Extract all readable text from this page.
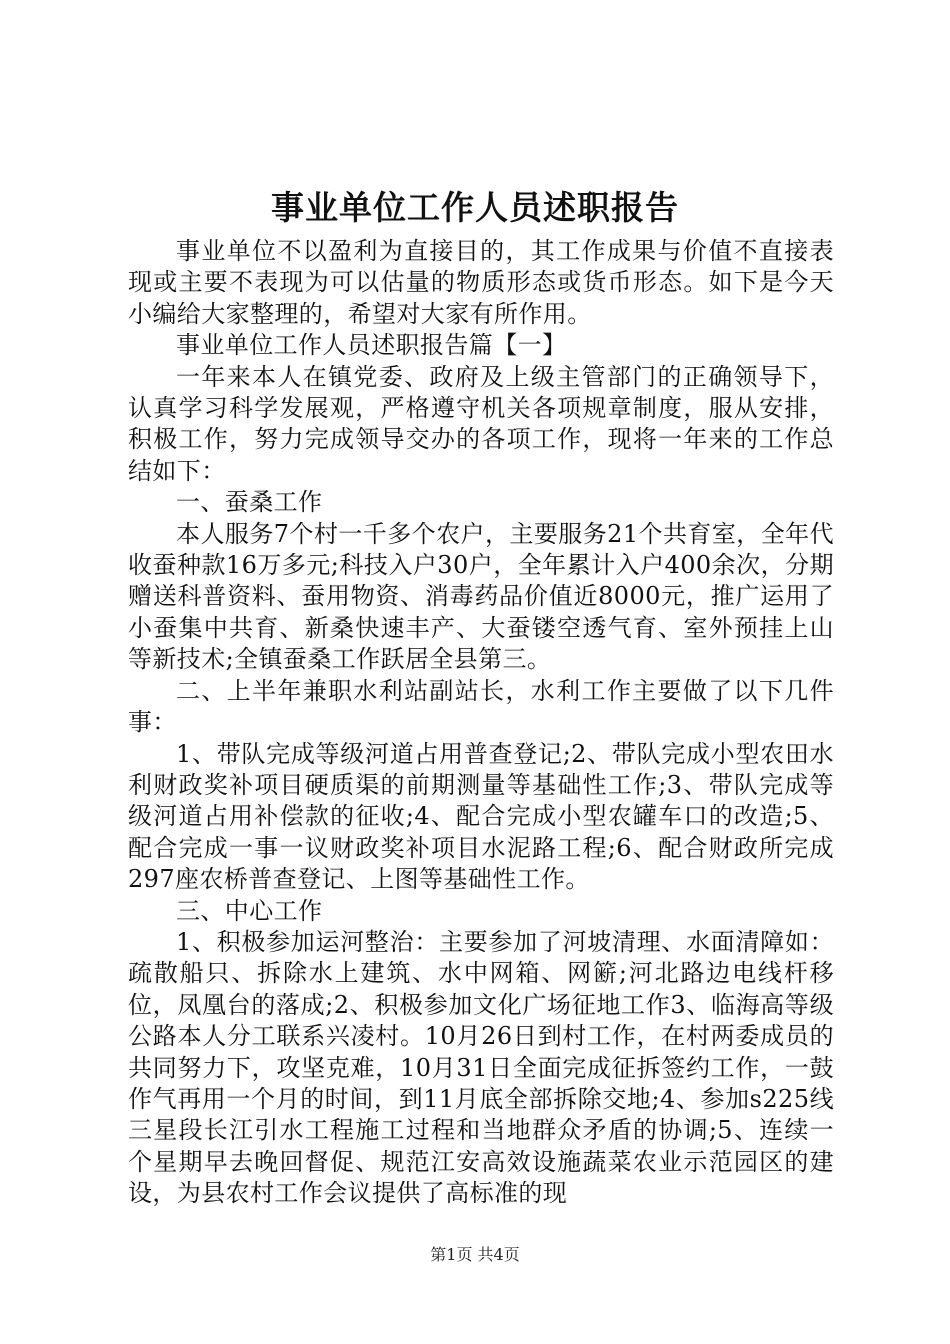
事业单位工作人员述职报告

事业单位不以盈利为直接目的，其工作成果与价值不直接表现或主要不表现为可以估量的物质形态或货币形态。如下是今天小编给大家整理的，希望对大家有所作用。

事业单位工作人员述职报告篇【一】

一年来本人在镇党委、政府及上级主管部门的正确领导下，认真学习科学发展观，严格遵守机关各项规章制度，服从安排，积极工作，努力完成领导交办的各项工作，现将一年来的工作总结如下：

一、蚕桑工作

本人服务7个村一千多个农户，主要服务21个共育室，全年代收蚕种款16万多元;科技入户30户，全年累计入户400余次，分期赠送科普资料、蚕用物资、消毒药品价值近8000元，推广运用了小蚕集中共育、新桑快速丰产、大蚕镂空透气育、室外预挂上山等新技术;全镇蚕桑工作跃居全县第三。

二、上半年兼职水利站副站长，水利工作主要做了以下几件事：

1、带队完成等级河道占用普查登记;2、带队完成小型农田水利财政奖补项目硬质渠的前期测量等基础性工作;3、带队完成等级河道占用补偿款的征收;4、配合完成小型农罐车口的改造;5、配合完成一事一议财政奖补项目水泥路工程;6、配合财政所完成297座农桥普查登记、上图等基础性工作。

三、中心工作

1、积极参加运河整治：主要参加了河坡清理、水面清障如：疏散船只、拆除水上建筑、水中网箱、网簖;河北路边电线杆移位，凤凰台的落成;2、积极参加文化广场征地工作3、临海高等级公路本人分工联系兴凌村。10月26日到村工作，在村两委成员的共同努力下，攻坚克难，10月31日全面完成征拆签约工作，一鼓作气再用一个月的时间，到11月底全部拆除交地;4、参加s225线三星段长江引水工程施工过程和当地群众矛盾的协调;5、连续一个星期早去晚回督促、规范江安高效设施蔬菜农业示范园区的建设，为县农村工作会议提供了高标准的现

第1页 共4页
